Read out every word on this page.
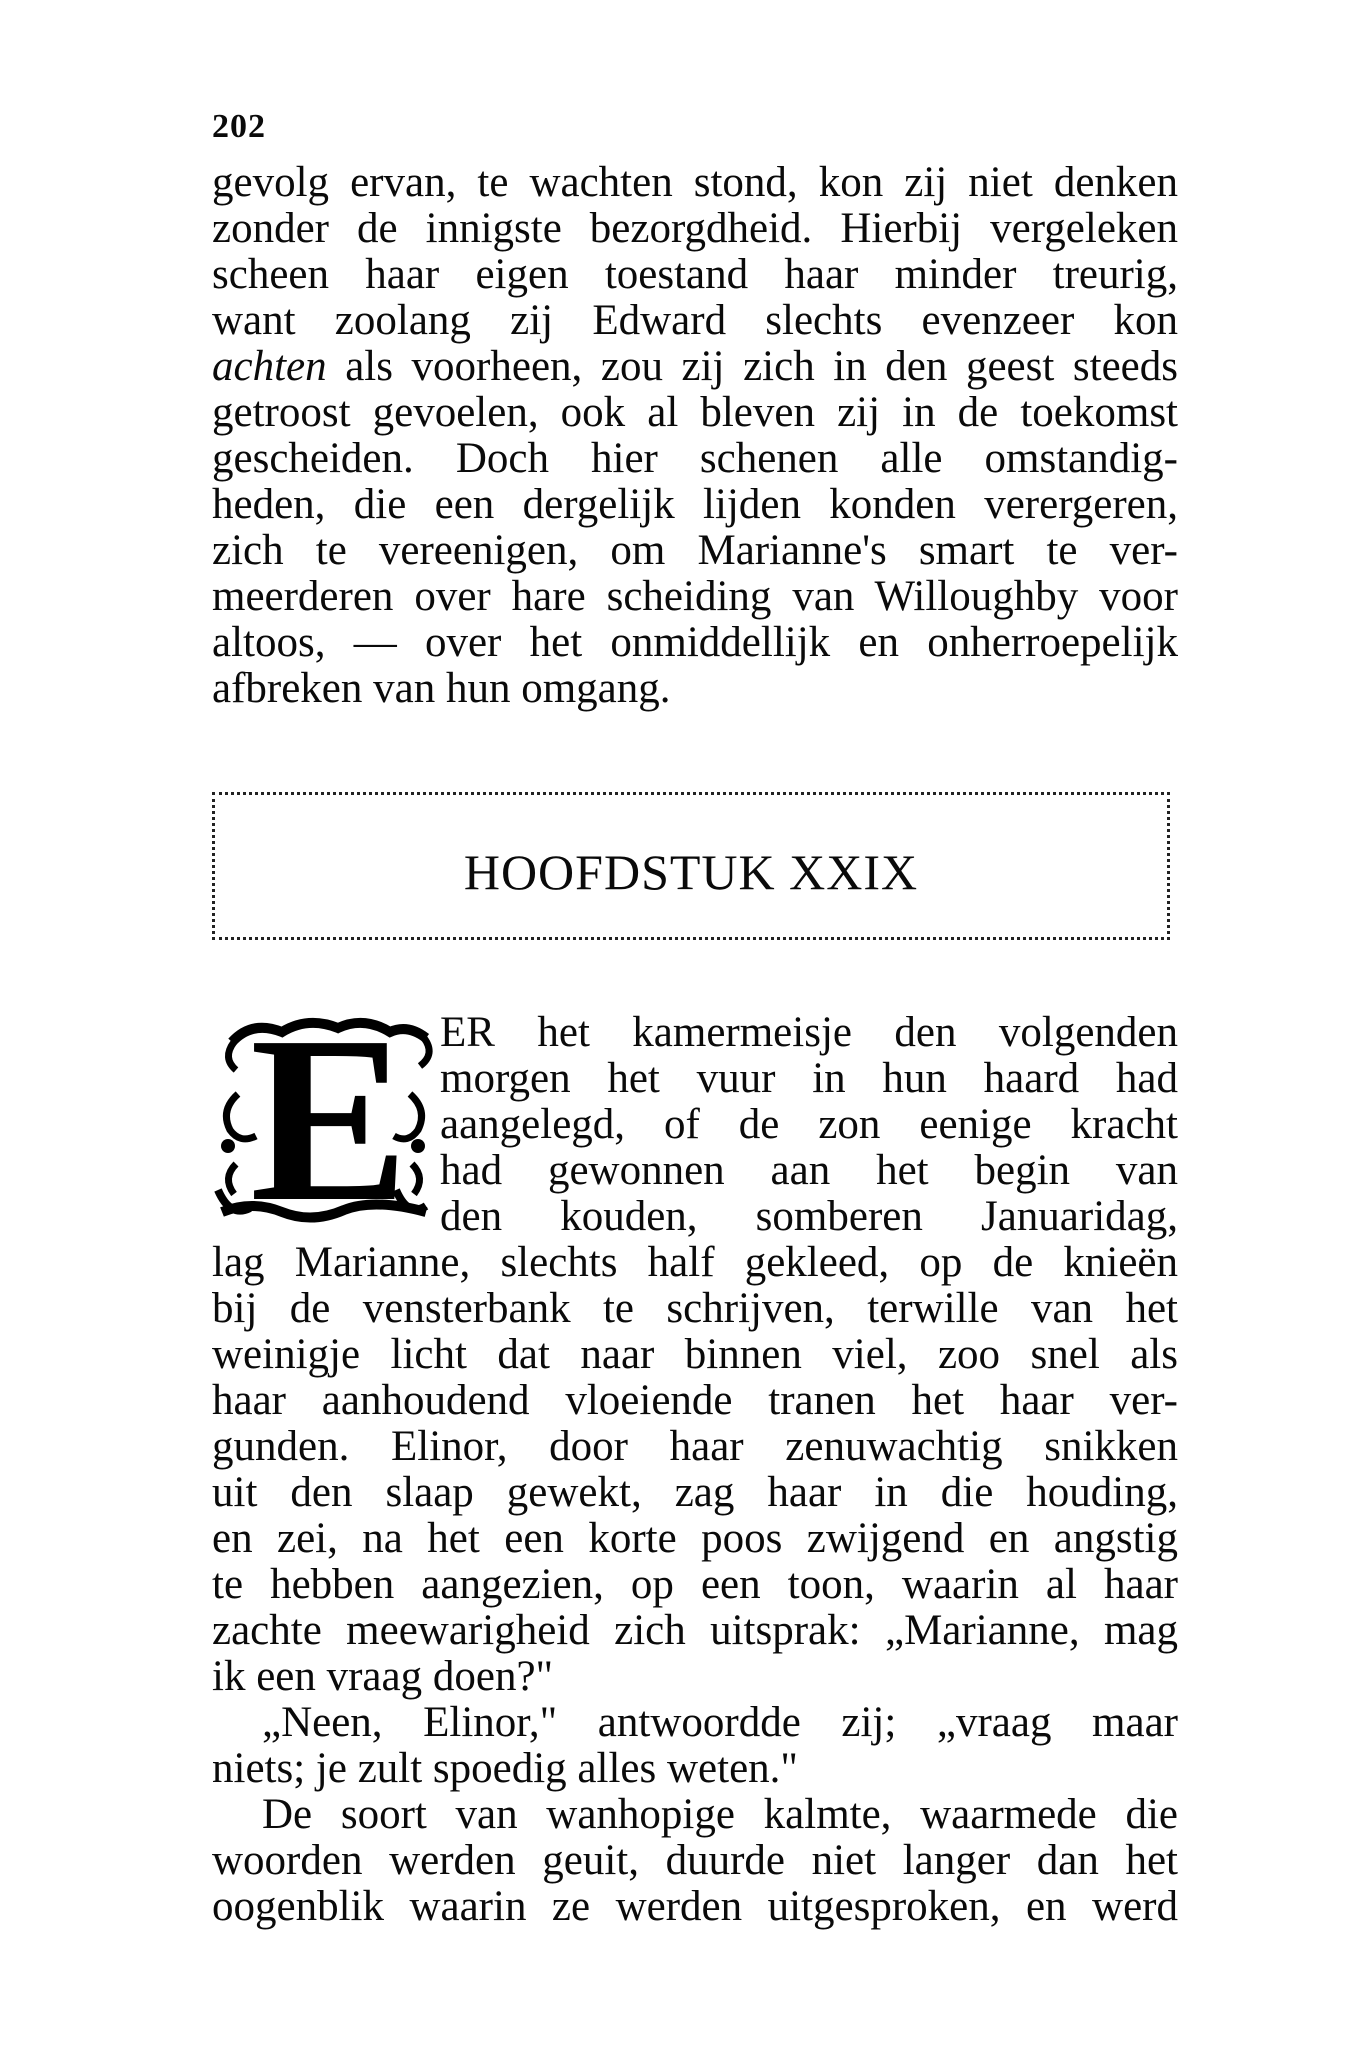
202
gevolg ervan, te wachten stond, kon zij niet denken
zonder de innigste bezorgdheid. Hierbij vergeleken
scheen haar eigen toestand haar minder treurig,
want zoolang zij Edward slechts evenzeer kon
achten als voorheen, zou zij zich in den geest steeds
getroost gevoelen, ook al bleven zij in de toekomst
gescheiden. Doch hier schenen alle omstandig-
heden, die een dergelijk lijden konden verergeren,
zich te vereenigen, om Marianne's smart te ver-
meerderen over hare scheiding van Willoughby voor
altoos, — over het onmiddellijk en onherroepelijk
afbreken van hun omgang.
HOOFDSTUK XXIX
E ER het kamermeisje den volgenden
morgen het vuur in hun haard had
aangelegd, of de zon eenige kracht
had gewonnen aan het begin van
den kouden, somberen Januaridag,
lag Marianne, slechts half gekleed, op de knieën
bij de vensterbank te schrijven, terwille van het
weinigje licht dat naar binnen viel, zoo snel als
haar aanhoudend vloeiende tranen het haar ver-
gunden. Elinor, door haar zenuwachtig snikken
uit den slaap gewekt, zag haar in die houding,
en zei, na het een korte poos zwijgend en angstig
te hebben aangezien, op een toon, waarin al haar
zachte meewarigheid zich uitsprak: „Marianne, mag
ik een vraag doen?"
„Neen, Elinor," antwoordde zij; „vraag maar
niets; je zult spoedig alles weten."
De soort van wanhopige kalmte, waarmede die
woorden werden geuit, duurde niet langer dan het
oogenblik waarin ze werden uitgesproken, en werd
